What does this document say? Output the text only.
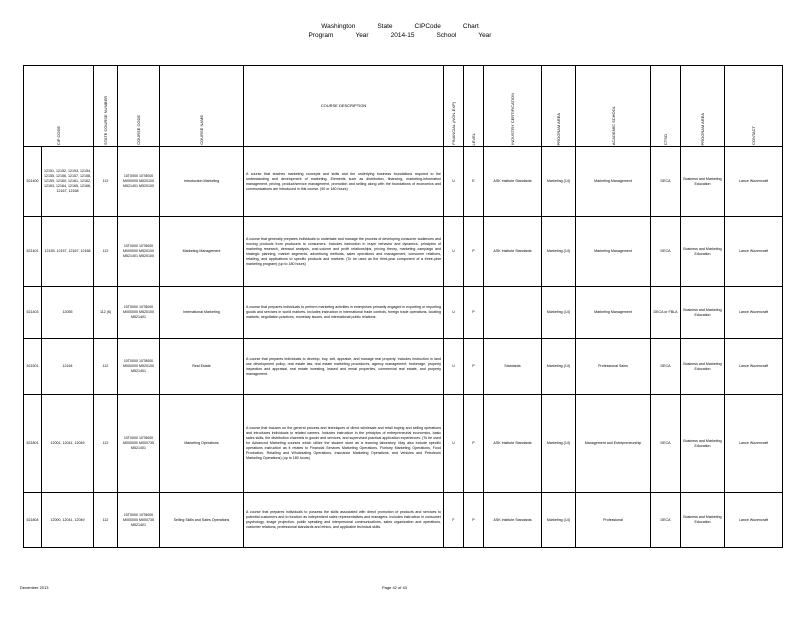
Washington	State	CIPCode	Chart
Program	Year	2014-15	School	Year
CIP CODE		STATE COURSE NUMBER	COURSE CODE	COURSE NAME	COURSE DESCRIPTION	FINANCIAL (NON-EXP)	LEVEL	INDUSTRY CERTIFICATION	PROGRAM AREA	ACADEMIC SCHOOL	CTSO	PROGRAM AREA	CONTACT

521400	12151, 12152, 12153, 12154, 12155, 12156, 12157, 12158, 12159, 12160, 12161, 12162, 12163, 12164, 12165, 12166, 12167, 12168	112	10T0000 10T8000 M000000 M520100 M521401 M520100	Introduction Marketing	A course that teaches marketing concepts and skills and the underlying business foundations required to the understanding and development of marketing. Elements such as distribution, financing, marketing-information management, pricing, product/service management, promotion and selling along with the foundations of economics and communications are introduced in this course. (90 or 180 hours)	U	E	ASK Institute Standards	Marketing (14)	Marketing Management	DECA	Business and Marketing Education	Lance Wozencraft
521401	12155, 12157, 12167, 12168	112	10T0000 10T8000 M000000 M520100 M521401 M520100	Marketing Management	A course that generally prepares individuals to undertake and manage the process of developing consumer audiences and moving products from producers to consumers. Includes instruction in buyer behavior and dynamics, principles of marketing research, demand analysis, cost-volume and profit relationships, pricing theory, marketing campaign and strategic planning, market segments, advertising methods, sales operations and management, consumer relations, retailing, and applications to specific products and markets. (To be used as the third-year component of a three-year marketing program) (up to 180 hours)	U	P	ASK Institute Standards	Marketing (14)	Marketing Management	DECA	Business and Marketing Education	Lance Wozencraft
521403	12055	112 (6)	10T0000 10T8000 M000000 M520100 M521401	International Marketing	A course that prepares individuals to perform marketing activities in enterprises primarily engaged in exporting or importing goods and services in world markets. Includes instruction in international trade controls, foreign trade operations, locating markets, negotiation practices, monetary issues, and international public relations.	U	P		Marketing (14)	Marketing Management	DECA or FBLA	Business and Marketing Education	Lance Wozencraft
521501	12164	112	10T0000 10T8000 M000000 M520100 M521401	Real Estate	A course that prepares individuals to develop, buy, sell, appraise, and manage real property. Includes instruction in land use development policy; real estate law, real estate marketing procedures, agency management, brokerage, property inspection and appraisal, real estate investing, leased and rental properties, commercial real estate, and property management.	U	P	Standards	Marketing (14)	Professional Sales	DECA	Business and Marketing Education	Lance Wozencraft
521801	12001, 12041, 12049	112	10T0000 10T8000 M000000 M000735 M521401	Marketing Operations	A course that focuses on the general process and techniques of direct wholesale and retail buying and selling operations and introduces individuals to related careers. Includes instruction in the principles of entrepreneurial economics, basic sales skills, the distribution channels to goods and services, and supervised practical application experiences. (To be used for Advanced Marketing courses which utilize the student store as a learning laboratory. May also include specific operations instruction as it relates to Financial Services Marketing Operations, Floristry Marketing Operations, Food Production, Retailing and Wholesaling Operations, Insurance Marketing Operations, and Vehicles and Petroleum Marketing Operations) (up to 180 hours)	U	P	ASK Institute Standards	Marketing (14)	Management and Entrepreneurship	DECA	Business and Marketing Education	Lance Wozencraft
521804	12000, 12041, 12049	112	10T0000 10T8000 M000000 M000735 M521401	Selling Skills and Sales Operations	A course that prepares individuals to possess the skills associated with direct promotion of products and services to potential customers and to function as independent sales representatives and managers. Includes instruction in consumer psychology, image projection, public speaking and interpersonal communications, sales organization and operations, customer relations, professional standards and ethics, and applicable technical skills.	F	P	ASK Institute Standards	Marketing (14)	Professional	DECA	Business and Marketing Education	Lance Wozencraft
December 2013	Page 42 of 43
